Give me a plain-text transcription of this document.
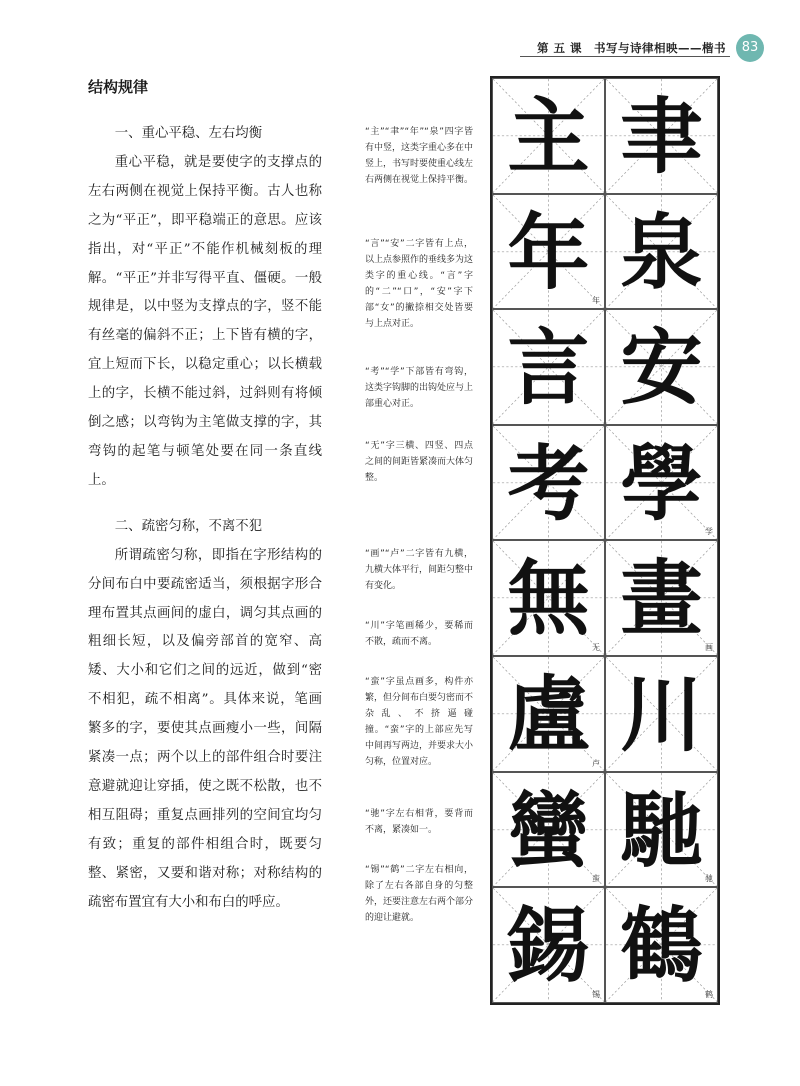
第 五 课　书写与诗律相映——楷书	83
结构规律

一、重心平稳、左右均衡

重心平稳，就是要使字的支撑点的左右两侧在视觉上保持平衡。古人也称之为“平正”，即平稳端正的意思。应该指出，对“平正”不能作机械刻板的理解。“平正”并非写得平直、僵硬。一般规律是，以中竖为支撑点的字，竖不能有丝毫的偏斜不正；上下皆有横的字，宜上短而下长，以稳定重心；以长横载上的字，长横不能过斜，过斜则有将倾倒之感；以弯钩为主笔做支撑的字，其弯钩的起笔与顿笔处要在同一条直线上。

二、疏密匀称，不离不犯

所谓疏密匀称，即指在字形结构的分间布白中要疏密适当，须根据字形合理布置其点画间的虚白，调匀其点画的粗细长短，以及偏旁部首的宽窄、高矮、大小和它们之间的远近，做到“密不相犯，疏不相离”。具体来说，笔画繁多的字，要使其点画瘦小一些，间隔紧凑一点；两个以上的部件组合时要注意避就迎让穿插，使之既不松散，也不相互阻碍；重复点画排列的空间宜均匀有致；重复的部件相组合时，既要匀整、紧密，又要和谐对称；对称结构的疏密布置宜有大小和布白的呼应。

“主”“聿”“年”“泉”四字皆有中竖，这类字重心多在中竖上，书写时要使重心线左右两侧在视觉上保持平衡。
“言”“安”二字皆有上点，以上点参照作的垂线多为这类字的重心线。“言”字的“二”“口”，“安”字下部“女”的撇捺相交处皆要与上点对正。
“考”“学”下部皆有弯钩，这类字钩脚的出钩处应与上部重心对正。
“无”字三横、四竖、四点之间的间距皆紧凑而大体匀整。
“画”“卢”二字皆有九横，九横大体平行，间距匀整中有变化。
“川”字笔画稀少，要稀而不散，疏而不离。
“蛮”字虽点画多，构件亦繁，但分间布白要匀密而不杂乱、不挤逼碰撞。“蛮”字的上部应先写中间再写两边，并要求大小匀称，位置对应。
“驰”字左右相背，要背而不离，紧凑如一。
“锡”“鹤”二字左右相向，除了左右各部自身的匀整外，还要注意左右两个部分的迎让避就。
主 聿
年
年
泉
言 安
考 學
学
無
无
畫
画
盧
卢
川
蠻
蛮
馳
驰
錫
锡
鶴
鹤
